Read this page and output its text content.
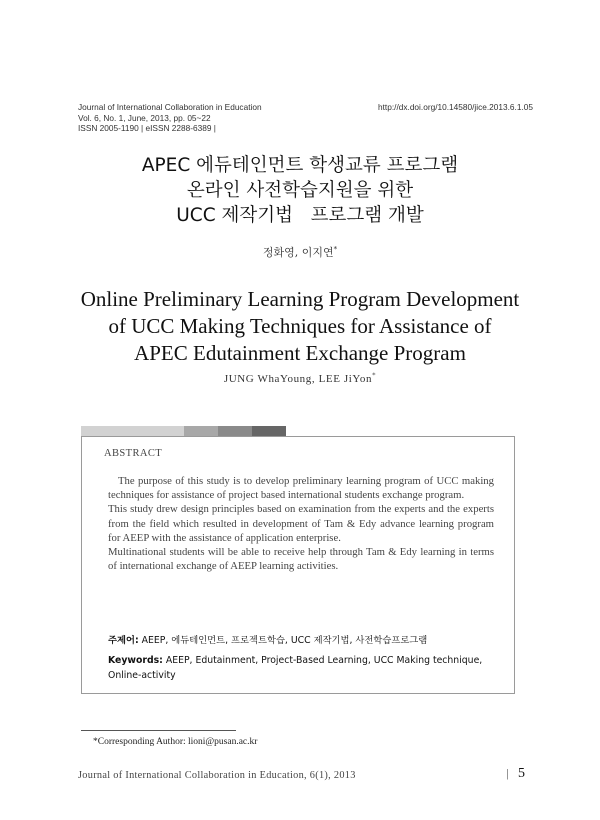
Journal of International Collaboration in Education
Vol. 6, No. 1, June, 2013, pp. 05~22
ISSN 2005-1190 | eISSN 2288-6389 |
http://dx.doi.org/10.14580/jice.2013.6.1.05
APEC 에듀테인먼트 학생교류 프로그램
온라인 사전학습지원을 위한
UCC 제작기법   프로그램 개발
정화영, 이지연*
Online Preliminary Learning Program Development
of UCC Making Techniques for Assistance of
APEC Edutainment Exchange Program
JUNG WhaYoung, LEE JiYon*
ABSTRACT

The purpose of this study is to develop preliminary learning program of UCC making techniques for assistance of project based international students exchange program.

This study drew design principles based on examination from the experts and the experts from the field which resulted in development of Tam & Edy advance learning program for AEEP with the assistance of application enterprise.

Multinational students will be able to receive help through Tam & Edy learning in terms of international exchange of AEEP learning activities.

주제어: AEEP, 에듀테인먼트, 프로젝트학습, UCC 제작기법, 사전학습프로그램
Keywords: AEEP, Edutainment, Project-Based Learning, UCC Making technique, Online-activity
*Corresponding Author: lioni@pusan.ac.kr
Journal of International Collaboration in Education, 6(1), 2013	| 5
